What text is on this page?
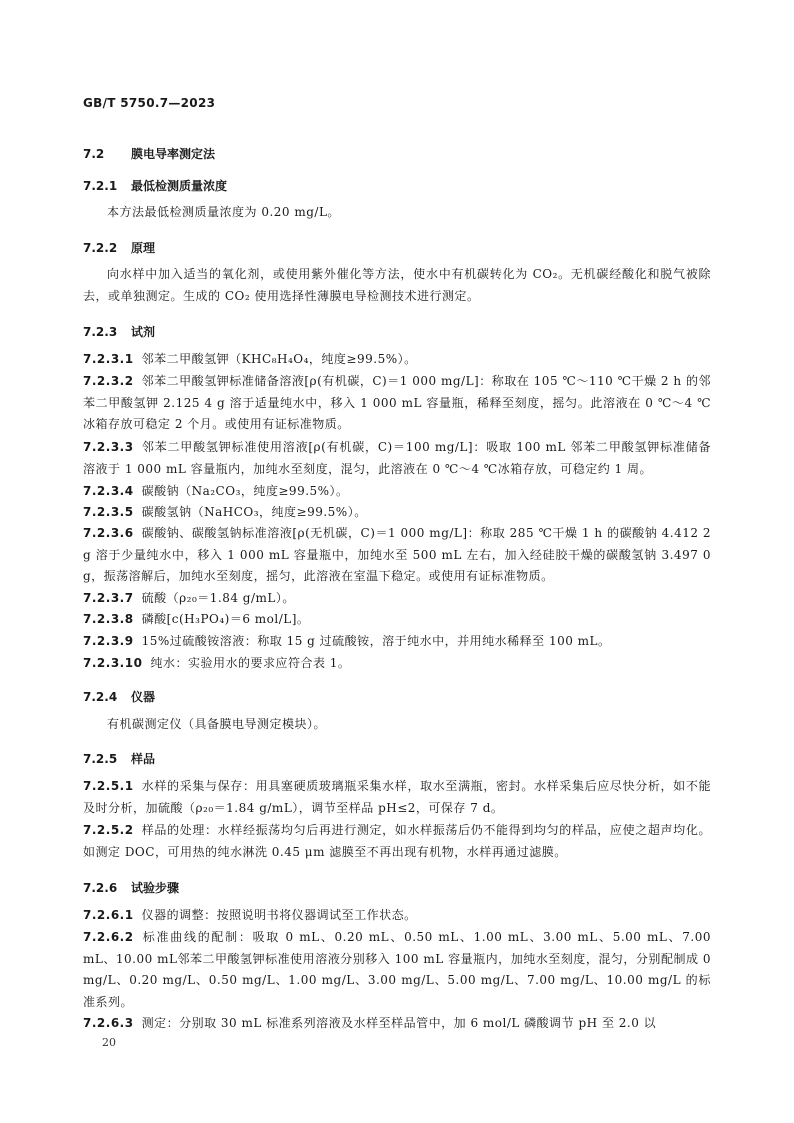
GB/T 5750.7—2023
7.2 膜电导率测定法
7.2.1 最低检测质量浓度
本方法最低检测质量浓度为 0.20 mg/L。
7.2.2 原理
向水样中加入适当的氧化剂，或使用紫外催化等方法，使水中有机碳转化为 CO₂。无机碳经酸化和脱气被除去，或单独测定。生成的 CO₂ 使用选择性薄膜电导检测技术进行测定。
7.2.3 试剂
7.2.3.1 邻苯二甲酸氢钾（KHC₈H₄O₄，纯度≥99.5%）。
7.2.3.2 邻苯二甲酸氢钾标准储备溶液[ρ(有机碳，C)＝1 000 mg/L]：称取在 105 ℃～110 ℃干燥 2 h 的邻苯二甲酸氢钾 2.125 4 g 溶于适量纯水中，移入 1 000 mL 容量瓶，稀释至刻度，摇匀。此溶液在 0 ℃～4 ℃冰箱存放可稳定 2 个月。或使用有证标准物质。
7.2.3.3 邻苯二甲酸氢钾标准使用溶液[ρ(有机碳，C)＝100 mg/L]：吸取 100 mL 邻苯二甲酸氢钾标准储备溶液于 1 000 mL 容量瓶内，加纯水至刻度，混匀，此溶液在 0 ℃～4 ℃冰箱存放，可稳定约 1 周。
7.2.3.4 碳酸钠（Na₂CO₃，纯度≥99.5%）。
7.2.3.5 碳酸氢钠（NaHCO₃，纯度≥99.5%）。
7.2.3.6 碳酸钠、碳酸氢钠标准溶液[ρ(无机碳，C)＝1 000 mg/L]：称取 285 ℃干燥 1 h 的碳酸钠 4.412 2 g 溶于少量纯水中，移入 1 000 mL 容量瓶中，加纯水至 500 mL 左右，加入经硅胶干燥的碳酸氢钠 3.497 0 g，振荡溶解后，加纯水至刻度，摇匀，此溶液在室温下稳定。或使用有证标准物质。
7.2.3.7 硫酸（ρ₂₀＝1.84 g/mL）。
7.2.3.8 磷酸[c(H₃PO₄)＝6 mol/L]。
7.2.3.9 15%过硫酸铵溶液：称取 15 g 过硫酸铵，溶于纯水中，并用纯水稀释至 100 mL。
7.2.3.10 纯水：实验用水的要求应符合表 1。
7.2.4 仪器
有机碳测定仪（具备膜电导测定模块）。
7.2.5 样品
7.2.5.1 水样的采集与保存：用具塞硬质玻璃瓶采集水样，取水至满瓶，密封。水样采集后应尽快分析，如不能及时分析，加硫酸（ρ₂₀＝1.84 g/mL），调节至样品 pH≤2，可保存 7 d。
7.2.5.2 样品的处理：水样经振荡均匀后再进行测定，如水样振荡后仍不能得到均匀的样品，应使之超声均化。如测定 DOC，可用热的纯水淋洗 0.45 μm 滤膜至不再出现有机物，水样再通过滤膜。
7.2.6 试验步骤
7.2.6.1 仪器的调整：按照说明书将仪器调试至工作状态。
7.2.6.2 标准曲线的配制：吸取 0 mL、0.20 mL、0.50 mL、1.00 mL、3.00 mL、5.00 mL、7.00 mL、10.00 mL邻苯二甲酸氢钾标准使用溶液分别移入 100 mL 容量瓶内，加纯水至刻度，混匀，分别配制成 0 mg/L、0.20 mg/L、0.50 mg/L、1.00 mg/L、3.00 mg/L、5.00 mg/L、7.00 mg/L、10.00 mg/L 的标准系列。
7.2.6.3 测定：分别取 30 mL 标准系列溶液及水样至样品管中，加 6 mol/L 磷酸调节 pH 至 2.0 以
20
